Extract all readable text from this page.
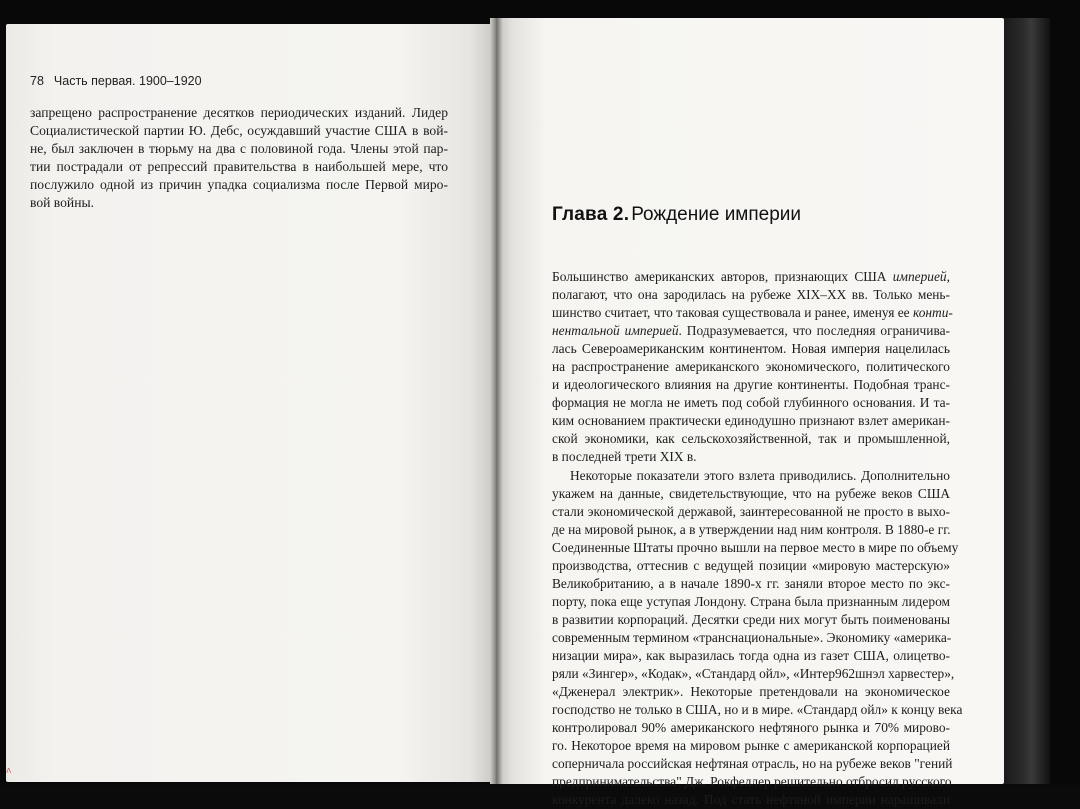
78 Часть первая. 1900–1920
запрещено распространение десятков периодических изданий. Лидер
Социалистической партии Ю. Дебс, осуждавший участие США в вой-
не, был заключен в тюрьму на два с половиной года. Члены этой пар-
тии пострадали от репрессий правительства в наибольшей мере, что
послужило одной из причин упадка социализма после Первой миро-
вой войны.
Глава 2. Рождение империи
Большинство американских авторов, признающих США империей,
полагают, что она зародилась на рубеже XIX–XX вв. Только мень-
шинство считает, что таковая существовала и ранее, именуя ее конти-
нентальной империей. Подразумевается, что последняя ограничива-
лась Североамериканским континентом. Новая империя нацелилась
на распространение американского экономического, политического
и идеологического влияния на другие континенты. Подобная транс-
формация не могла не иметь под собой глубинного основания. И та-
ким основанием практически единодушно признают взлет американ-
ской экономики, как сельскохозяйственной, так и промышленной,
в последней трети XIX в.
Некоторые показатели этого взлета приводились. Дополнительно
укажем на данные, свидетельствующие, что на рубеже веков США
стали экономической державой, заинтересованной не просто в выхо-
де на мировой рынок, а в утверждении над ним контроля. В 1880-е гг.
Соединенные Штаты прочно вышли на первое место в мире по объему
производства, оттеснив с ведущей позиции «мировую мастерскую»
Великобританию, а в начале 1890-х гг. заняли второе место по экс-
порту, пока еще уступая Лондону. Страна была признанным лидером
в развитии корпораций. Десятки среди них могут быть поименованы
современным термином «транснациональные». Экономику «америка-
низации мира», как выразилась тогда одна из газет США, олицетво-
ряли «Зингер», «Кодак», «Стандард ойл», «Интер962шнэл харвестер»,
«Дженерал электрик». Некоторые претендовали на экономическое
господство не только в США, но и в мире. «Стандард ойл» к концу века
контролировал 90% американского нефтяного рынка и 70% мирово-
го. Некоторое время на мировом рынке с американской корпорацией
соперничала российская нефтяная отрасль, но на рубеже веков "гений
предпринимательства" Дж. Рокфеллер решительно отбросил русского
конкурента далеко назад. Под стать нефтяной империи наращивали
ʌ
